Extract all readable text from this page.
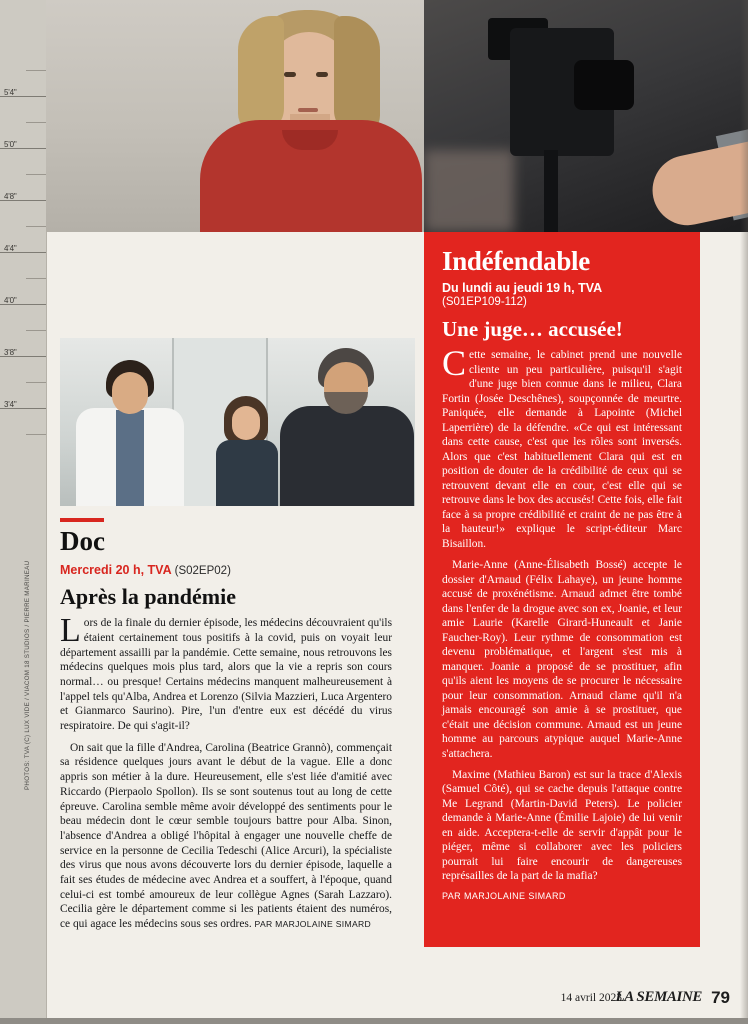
5'4"
5'0"
4'8"
4'4"
4'0"
3'8"
3'4"

Indéfendable
Du lundi au jeudi 19 h, TVA
(S01EP109-112)
Une juge… accusée!

Cette semaine, le cabinet prend une nouvelle cliente un peu particulière, puisqu'il s'agit d'une juge bien connue dans le milieu, Clara Fortin (Josée Deschênes), soupçonnée de meurtre. Paniquée, elle demande à Lapointe (Michel Laperrière) de la défendre. «Ce qui est intéressant dans cette cause, c'est que les rôles sont inversés. Alors que c'est habituellement Clara qui est en position de douter de la crédibilité de ceux qui se retrouvent devant elle en cour, c'est elle qui se retrouve dans le box des accusés! Cette fois, elle fait face à sa propre crédibilité et craint de ne pas être à la hauteur!» explique le script-éditeur Marc Bisaillon.

Marie-Anne (Anne-Élisabeth Bossé) accepte le dossier d'Arnaud (Félix Lahaye), un jeune homme accusé de proxénétisme. Arnaud admet être tombé dans l'enfer de la drogue avec son ex, Joanie, et leur amie Laurie (Karelle Girard-Huneault et Janie Faucher-Roy). Leur rythme de consommation est devenu problématique, et l'argent s'est mis à manquer. Joanie a proposé de se prostituer, afin qu'ils aient les moyens de se procurer le nécessaire pour leur consommation. Arnaud clame qu'il n'a jamais encouragé son amie à se prostituer, que c'était une décision commune. Arnaud est un jeune homme au parcours atypique auquel Marie-Anne s'attachera.

Maxime (Mathieu Baron) est sur la trace d'Alexis (Samuel Côté), qui se cache depuis l'attaque contre Me Legrand (Martin-David Peters). Le policier demande à Marie-Anne (Émilie Lajoie) de lui venir en aide. Acceptera-t-elle de servir d'appât pour le piéger, même si collaborer avec les policiers pourrait lui faire encourir de dangereuses représailles de la part de la mafia?

PAR MARJOLAINE SIMARD
Doc
Mercredi 20 h, TVA (S02EP02)
Après la pandémie

Lors de la finale du dernier épisode, les médecins découvraient qu'ils étaient certainement tous positifs à la covid, puis on voyait leur département assailli par la pandémie. Cette semaine, nous retrouvons les médecins quelques mois plus tard, alors que la vie a repris son cours normal… ou presque! Certains médecins manquent malheureusement à l'appel tels qu'Alba, Andrea et Lorenzo (Silvia Mazzieri, Luca Argentero et Gianmarco Saurino). Pire, l'un d'entre eux est décédé du virus respiratoire. De qui s'agit-il?

On sait que la fille d'Andrea, Carolina (Beatrice Grannò), commençait sa résidence quelques jours avant le début de la vague. Elle a donc appris son métier à la dure. Heureusement, elle s'est liée d'amitié avec Riccardo (Pierpaolo Spollon). Ils se sont soutenus tout au long de cette épreuve. Carolina semble même avoir développé des sentiments pour le beau médecin dont le cœur semble toujours battre pour Alba. Sinon, l'absence d'Andrea a obligé l'hôpital à engager une nouvelle cheffe de service en la personne de Cecilia Tedeschi (Alice Arcuri), la spécialiste des virus que nous avons découverte lors du dernier épisode, laquelle a fait ses études de médecine avec Andrea et a souffert, à l'époque, quand celui-ci est tombé amoureux de leur collègue Agnes (Sarah Lazzaro). Cecilia gère le département comme si les patients étaient des numéros, ce qui agace les médecins sous ses ordres. PAR MARJOLAINE SIMARD

PHOTOS: TVA (C) LUX VIDE / VIACOM 18 STUDIOS / PIERRE MARINEAU
14 avril 2023
LA SEMAINE 79
